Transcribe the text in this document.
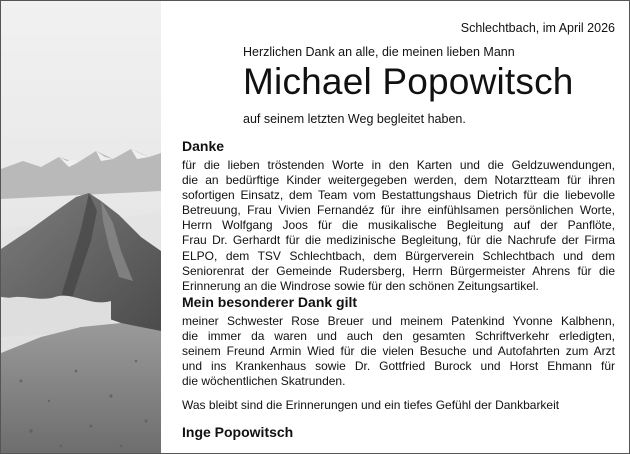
Schlechtbach, im April 2026
Herzlichen Dank an alle, die meinen lieben Mann
Michael Popowitsch
auf seinem letzten Weg begleitet haben.
Danke
für die lieben tröstenden Worte in den Karten und die Geldzuwendungen,
die an bedürftige Kinder weitergegeben werden, dem Notarztteam für ihren
sofortigen Einsatz, dem Team vom Bestattungshaus Dietrich für die liebevolle
Betreuung, Frau Vivien Fernandéz für ihre einfühlsamen persönlichen Worte,
Herrn Wolfgang Joos für die musikalische Begleitung auf der Panflöte,
Frau Dr. Gerhardt für die medizinische Begleitung, für die Nachrufe der Firma
ELPO, dem TSV Schlechtbach, dem Bürgerverein Schlechtbach und dem
Seniorenrat der Gemeinde Rudersberg, Herrn Bürgermeister Ahrens für die
Erinnerung an die Windrose sowie für den schönen Zeitungsartikel.
Mein besonderer Dank gilt
meiner Schwester Rose Breuer und meinem Patenkind Yvonne Kalbhenn,
die immer da waren und auch den gesamten Schriftverkehr erledigten,
seinem Freund Armin Wied für die vielen Besuche und Autofahrten zum Arzt
und ins Krankenhaus sowie Dr. Gottfried Burock und Horst Ehmann für
die wöchentlichen Skatrunden.
Was bleibt sind die Erinnerungen und ein tiefes Gefühl der Dankbarkeit
Inge Popowitsch
